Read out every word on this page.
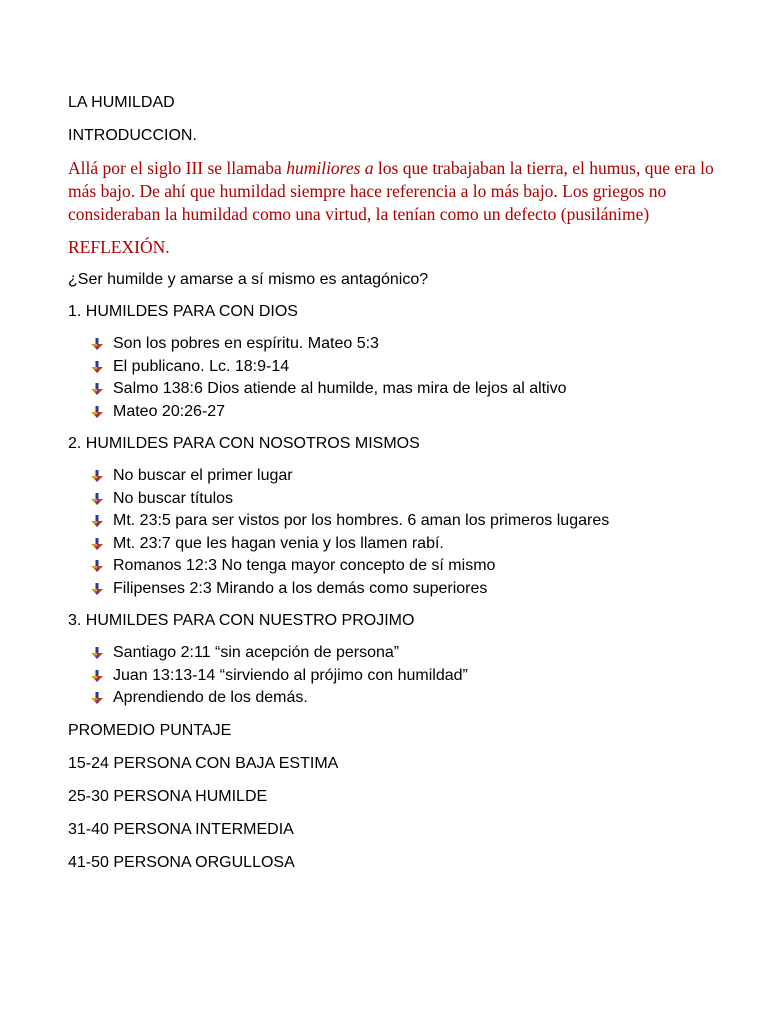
LA HUMILDAD

INTRODUCCION.

Allá por el siglo III se llamaba humiliores a los que trabajaban la tierra, el humus, que era lo más bajo. De ahí que humildad siempre hace referencia a lo más bajo. Los griegos no consideraban la humildad como una virtud, la tenían como un defecto (pusilánime)

REFLEXIÓN.

¿Ser humilde y amarse a sí mismo es antagónico?

1. HUMILDES PARA CON DIOS

Son los pobres en espíritu. Mateo 5:3
El publicano. Lc. 18:9-14
Salmo 138:6 Dios atiende al humilde, mas mira de lejos al altivo
Mateo 20:26-27

2. HUMILDES PARA CON NOSOTROS MISMOS

No buscar el primer lugar
No buscar títulos
Mt. 23:5 para ser vistos por los hombres. 6 aman los primeros lugares
Mt. 23:7 que les hagan venia y los llamen rabí.
Romanos 12:3 No tenga mayor concepto de sí mismo
Filipenses 2:3 Mirando a los demás como superiores

3. HUMILDES PARA CON NUESTRO PROJIMO

Santiago 2:11 “sin acepción de persona”
Juan 13:13-14 “sirviendo al prójimo con humildad”
Aprendiendo de los demás.

PROMEDIO PUNTAJE

15-24 PERSONA CON BAJA ESTIMA

25-30 PERSONA HUMILDE

31-40 PERSONA INTERMEDIA

41-50 PERSONA ORGULLOSA
